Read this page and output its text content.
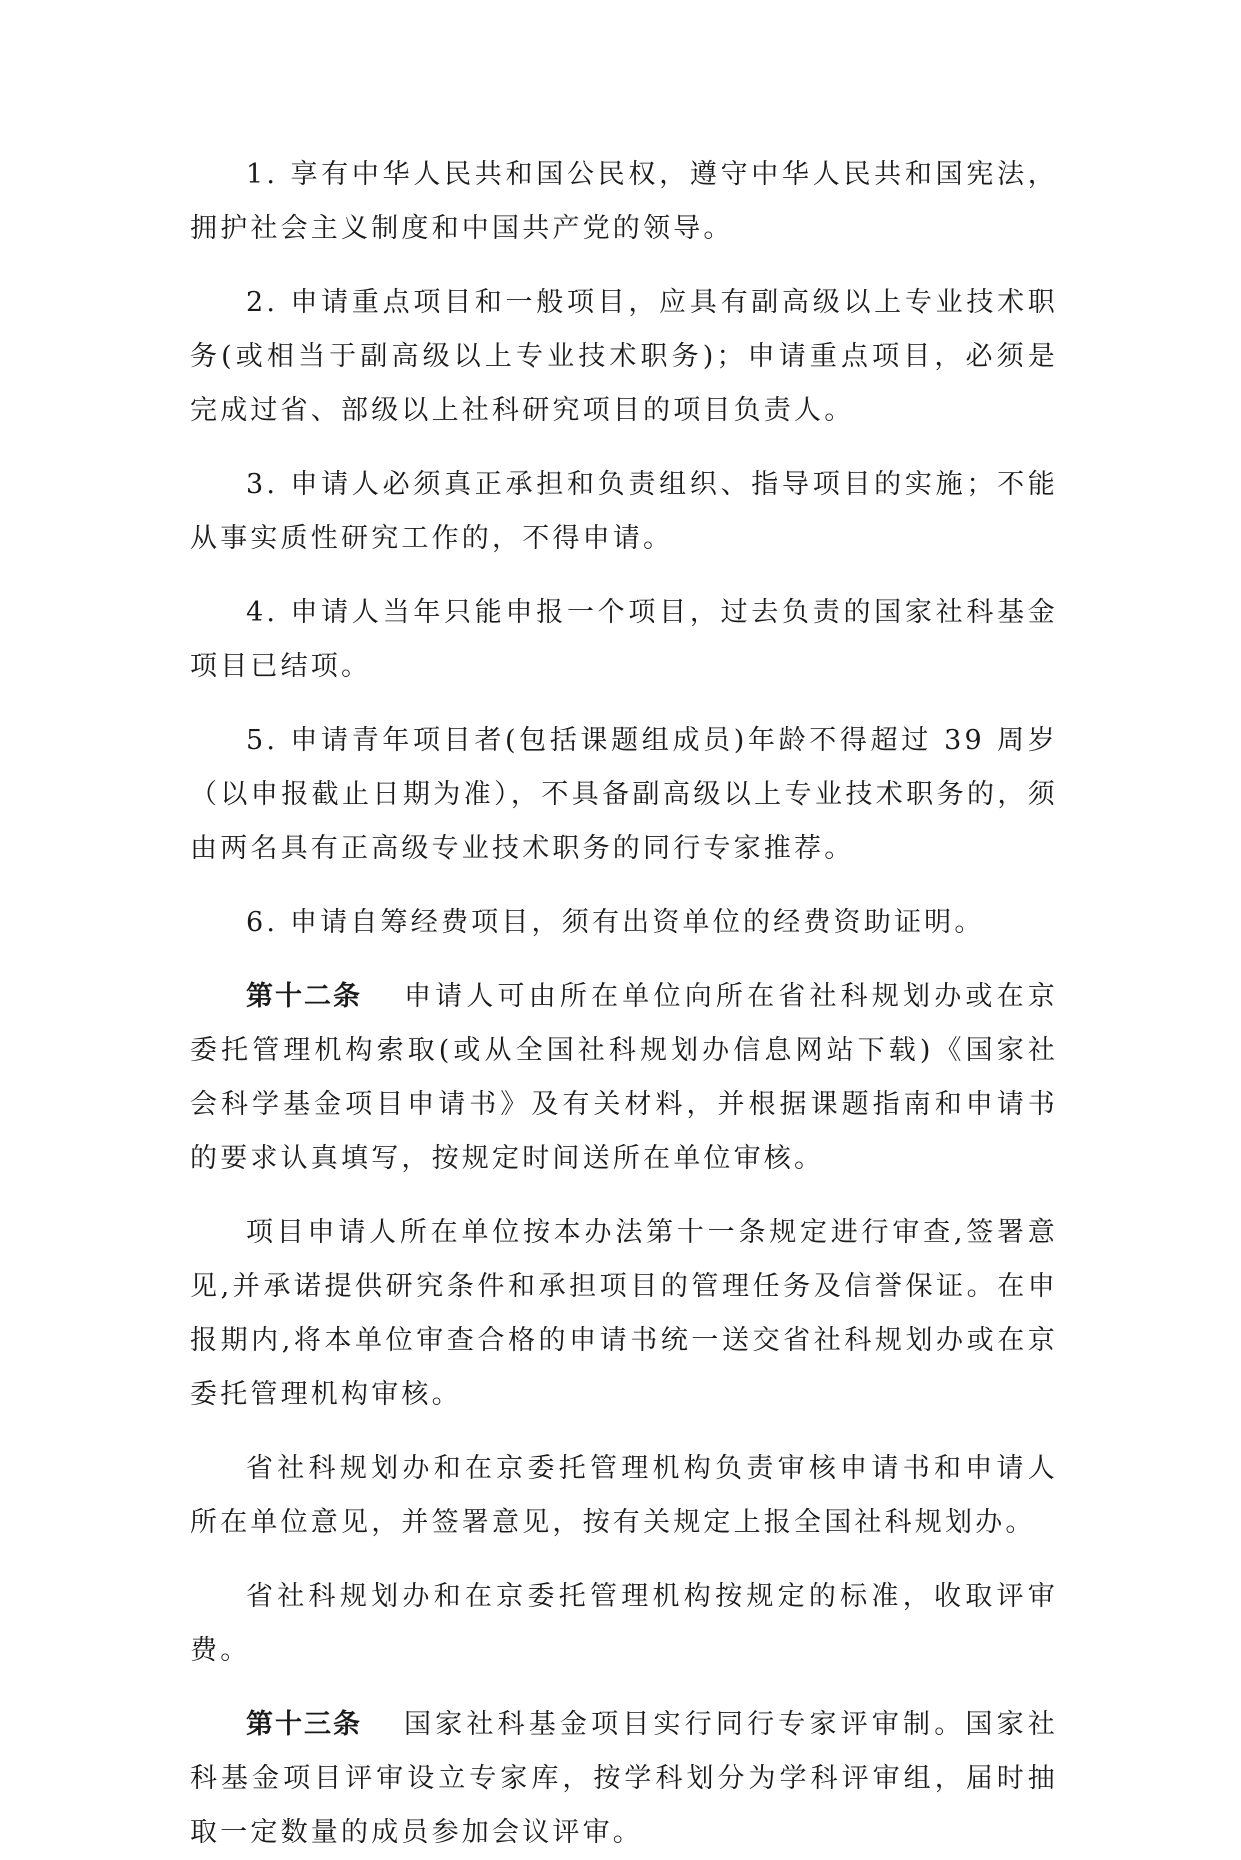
1. 享有中华人民共和国公民权，遵守中华人民共和国宪法，拥护社会主义制度和中国共产党的领导。

2. 申请重点项目和一般项目，应具有副高级以上专业技术职务(或相当于副高级以上专业技术职务)；申请重点项目，必须是完成过省、部级以上社科研究项目的项目负责人。

3. 申请人必须真正承担和负责组织、指导项目的实施；不能从事实质性研究工作的，不得申请。

4. 申请人当年只能申报一个项目，过去负责的国家社科基金项目已结项。

5. 申请青年项目者(包括课题组成员)年龄不得超过 39 周岁（以申报截止日期为准），不具备副高级以上专业技术职务的，须由两名具有正高级专业技术职务的同行专家推荐。

6. 申请自筹经费项目，须有出资单位的经费资助证明。

第十二条 申请人可由所在单位向所在省社科规划办或在京委托管理机构索取(或从全国社科规划办信息网站下载)《国家社会科学基金项目申请书》及有关材料，并根据课题指南和申请书的要求认真填写，按规定时间送所在单位审核。

项目申请人所在单位按本办法第十一条规定进行审查,签署意见,并承诺提供研究条件和承担项目的管理任务及信誉保证。在申报期内,将本单位审查合格的申请书统一送交省社科规划办或在京委托管理机构审核。

省社科规划办和在京委托管理机构负责审核申请书和申请人所在单位意见，并签署意见，按有关规定上报全国社科规划办。

省社科规划办和在京委托管理机构按规定的标准，收取评审费。

第十三条 国家社科基金项目实行同行专家评审制。国家社科基金项目评审设立专家库，按学科划分为学科评审组，届时抽取一定数量的成员参加会议评审。
